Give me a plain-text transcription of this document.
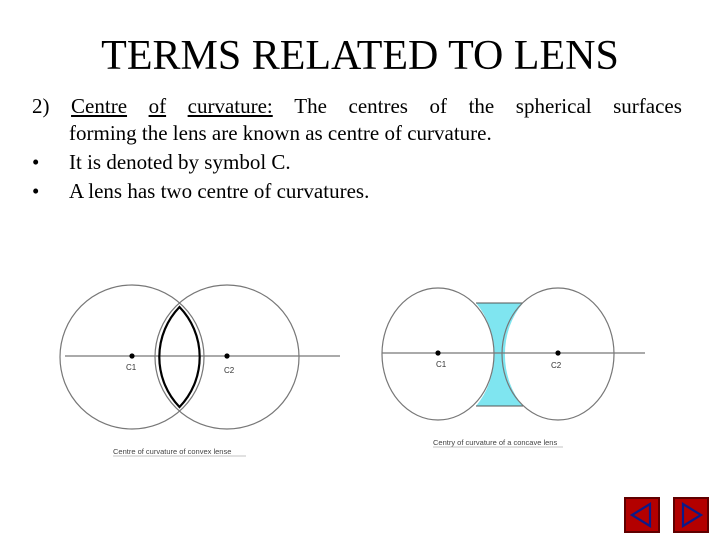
TERMS RELATED TO LENS
2) Centre of curvature: The centres of the spherical surfaces
forming the lens are known as centre of curvature.
• It is denoted by symbol C.
• A lens has two centre of curvatures.
C1	C2
Centre of curvature of convex lense
C1	C2
Centry of curvature of a concave lens
